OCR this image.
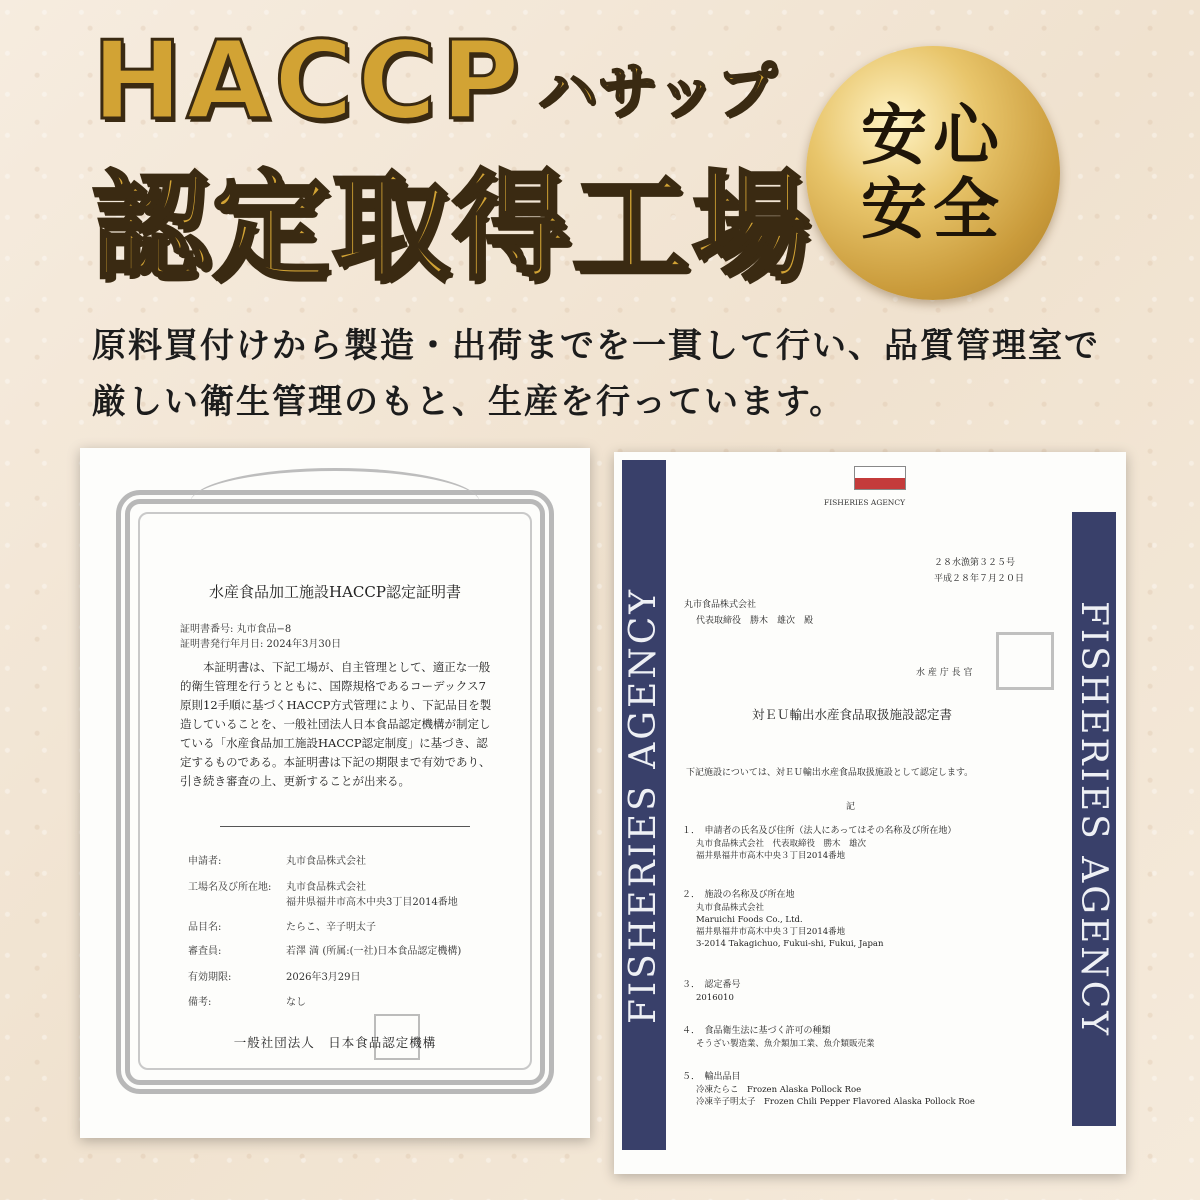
HACCP ハサップ
認定取得工場
安心
安全
原料買付けから製造・出荷までを一貫して行い、品質管理室で
厳しい衛生管理のもと、生産を行っています。
水産食品加工施設HACCP認定証明書
証明書番号: 丸市食品−8
証明書発行年月日: 2024年3月30日
本証明書は、下記工場が、自主管理として、適正な一般的衛生管理を行うとともに、国際規格であるコーデックス7原則12手順に基づくHACCP方式管理により、下記品目を製造していることを、一般社団法人日本食品認定機構が制定している「水産食品加工施設HACCP認定制度」に基づき、認定するものである。本証明書は下記の期限まで有効であり、引き続き審査の上、更新することが出来る。
申請者:	丸市食品株式会社
工場名及び所在地: 丸市食品株式会社
福井県福井市高木中央3丁目2014番地
品目名:	たらこ、辛子明太子
審査員:	若澤 満 (所属:(一社)日本食品認定機構)
有効期限:	2026年3月29日
備考:	なし
一般社団法人　日本食品認定機構
FISHERIES AGENCY	FISHERIES AGENCY
FISHERIES AGENCY
２８水漁第３２５号
平成２８年７月２０日
丸市食品株式会社
代表取締役　勝木　雄次　殿
水 産 庁 長 官
対ＥＵ輸出水産食品取扱施設認定書
下記施設については、対ＥＵ輸出水産食品取扱施設として認定します。
記
１．　申請者の氏名及び住所（法人にあってはその名称及び所在地）
丸市食品株式会社　代表取締役　勝木　雄次
福井県福井市高木中央３丁目2014番地
２．　施設の名称及び所在地
丸市食品株式会社
Maruichi Foods Co., Ltd.
福井県福井市高木中央３丁目2014番地
3-2014 Takagichuo, Fukui-shi, Fukui, Japan
３．　認定番号
2016010
４．　食品衛生法に基づく許可の種類
そうざい製造業、魚介類加工業、魚介類販売業
５．　輸出品目
冷凍たらこ　Frozen Alaska Pollock Roe
冷凍辛子明太子　Frozen Chili Pepper Flavored Alaska Pollock Roe
